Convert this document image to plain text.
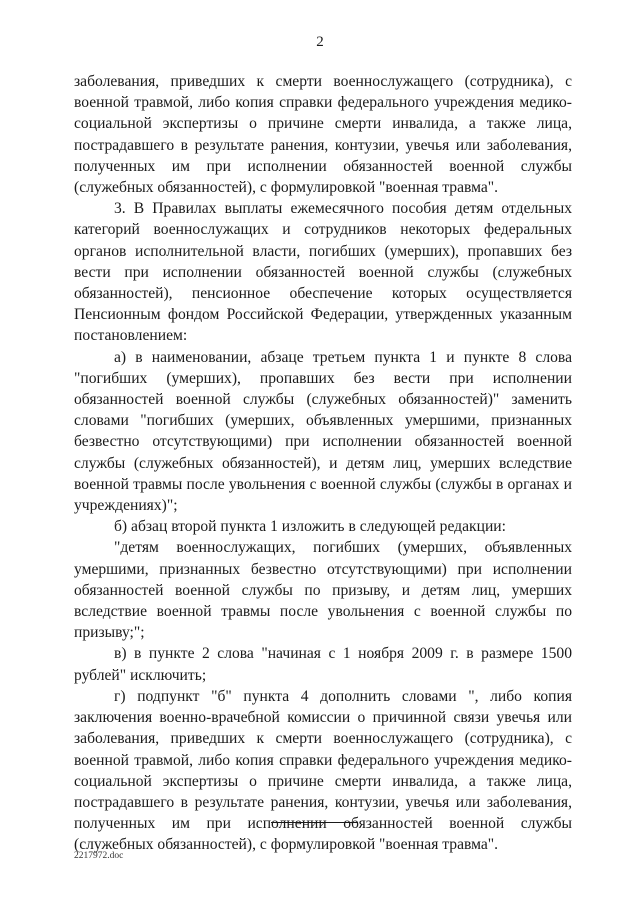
2

заболевания, приведших к смерти военнослужащего (сотрудника), с военной травмой, либо копия справки федерального учреждения медико-социальной экспертизы о причине смерти инвалида, а также лица, пострадавшего в результате ранения, контузии, увечья или заболевания, полученных им при исполнении обязанностей военной службы (служебных обязанностей), с формулировкой "военная травма".

3. В Правилах выплаты ежемесячного пособия детям отдельных категорий военнослужащих и сотрудников некоторых федеральных органов исполнительной власти, погибших (умерших), пропавших без вести при исполнении обязанностей военной службы (служебных обязанностей), пенсионное обеспечение которых осуществляется Пенсионным фондом Российской Федерации, утвержденных указанным постановлением:

а) в наименовании, абзаце третьем пункта 1 и пункте 8 слова "погибших (умерших), пропавших без вести при исполнении обязанностей военной службы (служебных обязанностей)" заменить словами "погибших (умерших, объявленных умершими, признанных безвестно отсутствующими) при исполнении обязанностей военной службы (служебных обязанностей), и детям лиц, умерших вследствие военной травмы после увольнения с военной службы (службы в органах и учреждениях)";

б) абзац второй пункта 1 изложить в следующей редакции:

"детям военнослужащих, погибших (умерших, объявленных умершими, признанных безвестно отсутствующими) при исполнении обязанностей военной службы по призыву, и детям лиц, умерших вследствие военной травмы после увольнения с военной службы по призыву;";

в) в пункте 2 слова "начиная с 1 ноября 2009 г. в размере 1500 рублей" исключить;

г) подпункт "б" пункта 4 дополнить словами ", либо копия заключения военно-врачебной комиссии о причинной связи увечья или заболевания, приведших к смерти военнослужащего (сотрудника), с военной травмой, либо копия справки федерального учреждения медико-социальной экспертизы о причине смерти инвалида, а также лица, пострадавшего в результате ранения, контузии, увечья или заболевания, полученных им при исполнении обязанностей военной службы (служебных обязанностей), с формулировкой "военная травма".

2217972.doc
